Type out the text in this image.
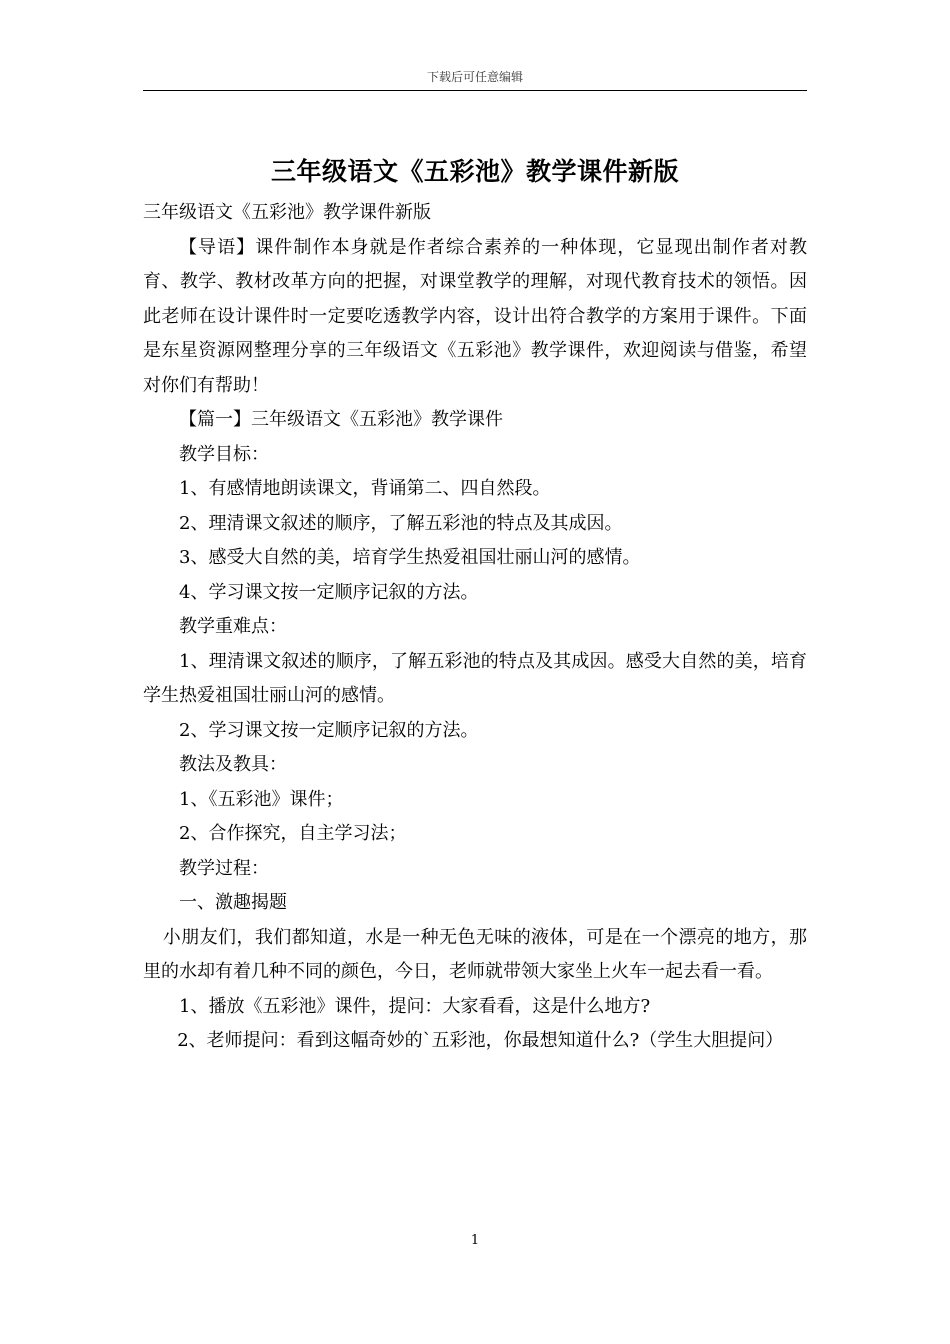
下载后可任意编辑
三年级语文《五彩池》教学课件新版

三年级语文《五彩池》教学课件新版

【导语】课件制作本身就是作者综合素养的一种体现，它显现出制作者对教育、教学、教材改革方向的把握，对课堂教学的理解，对现代教育技术的领悟。因此老师在设计课件时一定要吃透教学内容，设计出符合教学的方案用于课件。下面是东星资源网整理分享的三年级语文《五彩池》教学课件，欢迎阅读与借鉴，希望对你们有帮助！

【篇一】三年级语文《五彩池》教学课件

教学目标：

1、有感情地朗读课文，背诵第二、四自然段。

2、理清课文叙述的顺序，了解五彩池的特点及其成因。

3、感受大自然的美，培育学生热爱祖国壮丽山河的感情。

4、学习课文按一定顺序记叙的方法。

教学重难点：

1、理清课文叙述的顺序，了解五彩池的特点及其成因。感受大自然的美，培育学生热爱祖国壮丽山河的感情。

2、学习课文按一定顺序记叙的方法。

教法及教具：

1、《五彩池》课件；

2、合作探究，自主学习法；

教学过程：

一、激趣揭题

小朋友们，我们都知道，水是一种无色无味的液体，可是在一个漂亮的地方，那里的水却有着几种不同的颜色，今日，老师就带领大家坐上火车一起去看一看。

1、播放《五彩池》课件，提问：大家看看，这是什么地方?

2、老师提问：看到这幅奇妙的`五彩池，你最想知道什么?（学生大胆提问）

1
